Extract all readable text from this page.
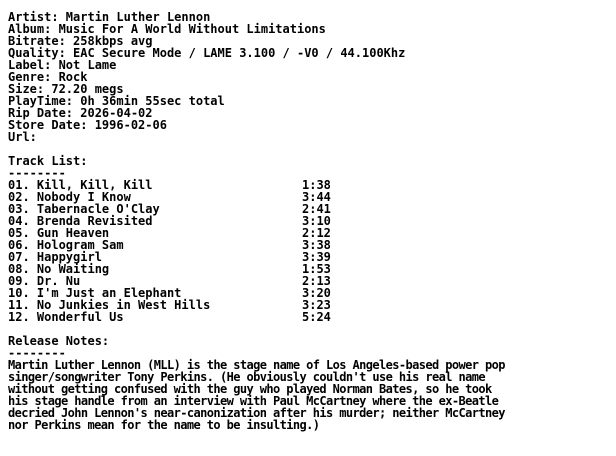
Artist: Martin Luther Lennon
Album: Music For A World Without Limitations
Bitrate: 258kbps avg
Quality: EAC Secure Mode / LAME 3.100 / -V0 / 44.100Khz
Label: Not Lame
Genre: Rock
Size: 72.20 megs
PlayTime: 0h 36min 55sec total
Rip Date: 2026-04-02
Store Date: 1996-02-06
Url:
Track List:
--------
01. Kill, Kill, Kill	1:38
02. Nobody I Know	3:44
03. Tabernacle O'Clay	2:41
04. Brenda Revisited	3:10
05. Gun Heaven	2:12
06. Hologram Sam	3:38
07. Happygirl	3:39
08. No Waiting	1:53
09. Dr. Nu	2:13
10. I'm Just an Elephant	3:20
11. No Junkies in West Hills	3:23
12. Wonderful Us	5:24
Release Notes:
--------
Martin Luther Lennon (MLL) is the stage name of Los Angeles-based power pop
singer/songwriter Tony Perkins. (He obviously couldn't use his real name
without getting confused with the guy who played Norman Bates, so he took
his stage handle from an interview with Paul McCartney where the ex-Beatle
decried John Lennon's near-canonization after his murder; neither McCartney
nor Perkins mean for the name to be insulting.)
